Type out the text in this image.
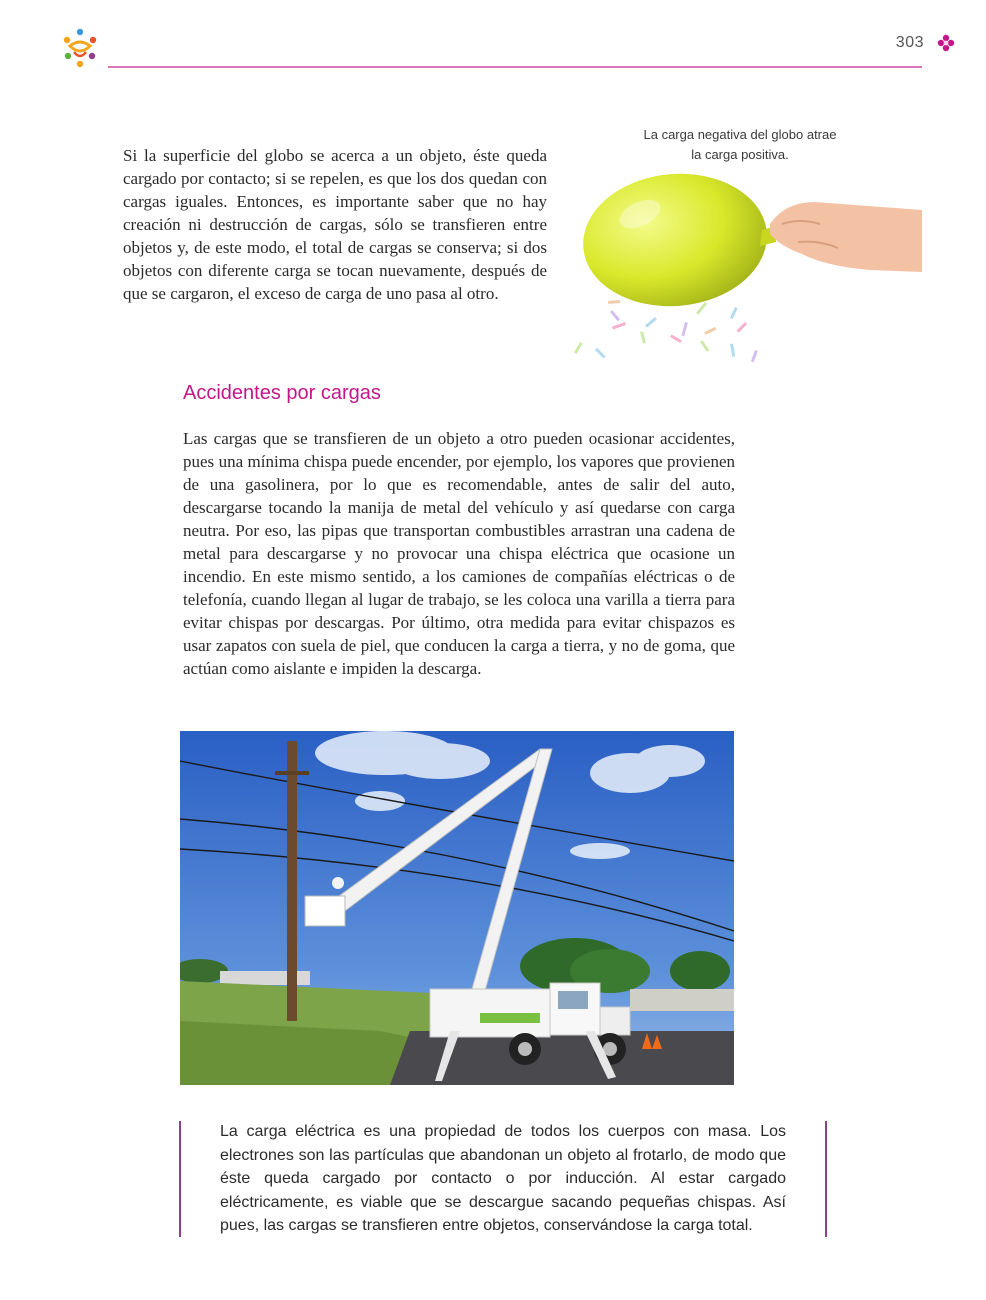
303

Si la superficie del globo se acerca a un objeto, éste queda cargado por contacto; si se repelen, es que los dos quedan con cargas iguales. Entonces, es importante saber que no hay creación ni destrucción de cargas, sólo se transfieren entre objetos y, de este modo, el total de cargas se conserva; si dos objetos con diferente carga se tocan nuevamente, después de que se cargaron, el exceso de carga de uno pasa al otro.

La carga negativa del globo atrae
la carga positiva.
Accidentes por cargas

Las cargas que se transfieren de un objeto a otro pueden ocasionar accidentes, pues una mínima chispa puede encender, por ejemplo, los vapores que provienen de una gasolinera, por lo que es recomendable, antes de salir del auto, descargarse tocando la manija de metal del vehículo y así quedarse con carga neutra. Por eso, las pipas que transportan combustibles arrastran una cadena de metal para descargarse y no provocar una chispa eléctrica que ocasione un incendio. En este mismo sentido, a los camiones de compañías eléctricas o de telefonía, cuando llegan al lugar de trabajo, se les coloca una varilla a tierra para evitar chispas por descargas. Por último, otra medida para evitar chispazos es usar zapatos con suela de piel, que conducen la carga a tierra, y no de goma, que actúan como aislante e impiden la descarga.

La carga eléctrica es una propiedad de todos los cuerpos con masa. Los electrones son las partículas que abandonan un objeto al frotarlo, de modo que éste queda cargado por contacto o por inducción. Al estar cargado eléctricamente, es viable que se descargue sacando pequeñas chispas. Así pues, las cargas se transfieren entre objetos, conservándose la carga total.
